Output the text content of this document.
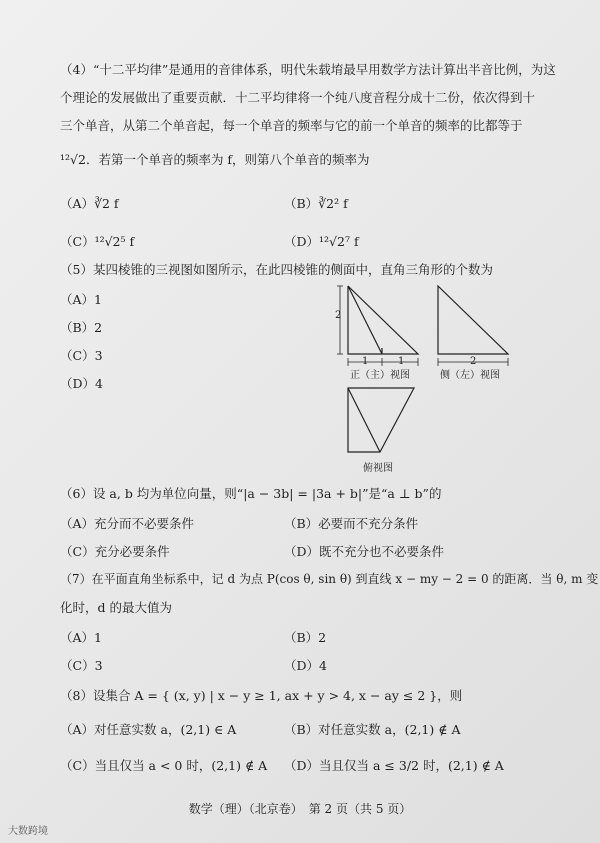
（4）“十二平均律”是通用的音律体系，明代朱载堉最早用数学方法计算出半音比例，为这
个理论的发展做出了重要贡献．十二平均律将一个纯八度音程分成十二份，依次得到十
三个单音，从第二个单音起，每一个单音的频率与它的前一个单音的频率的比都等于
¹²√2．若第一个单音的频率为 f，则第八个单音的频率为
（A）∛2 f	（B）∛2² f
（C）¹²√2⁵ f	（D）¹²√2⁷ f
（5）某四棱锥的三视图如图所示，在此四棱锥的侧面中，直角三角形的个数为
（A）1
（B）2
（C）3
（D）4
2
1	1	2
正（主）视图	侧（左）视图
俯视图
（6）设 a, b 均为单位向量，则“|a − 3b| = |3a + b|”是“a ⊥ b”的
（A）充分而不必要条件	（B）必要而不充分条件
（C）充分必要条件	（D）既不充分也不必要条件
（7）在平面直角坐标系中，记 d 为点 P(cos θ, sin θ) 到直线 x − my − 2 = 0 的距离．当 θ, m 变
化时，d 的最大值为
（A）1	（B）2
（C）3	（D）4
（8）设集合 A = { (x, y) | x − y ≥ 1, ax + y > 4, x − ay ≤ 2 }，则
（A）对任意实数 a，(2,1) ∈ A	（B）对任意实数 a，(2,1) ∉ A
（C）当且仅当 a < 0 时，(2,1) ∉ A （D）当且仅当 a ≤ 3/2 时，(2,1) ∉ A
数学（理）（北京卷）　第 2 页（共 5 页）
大数跨境
